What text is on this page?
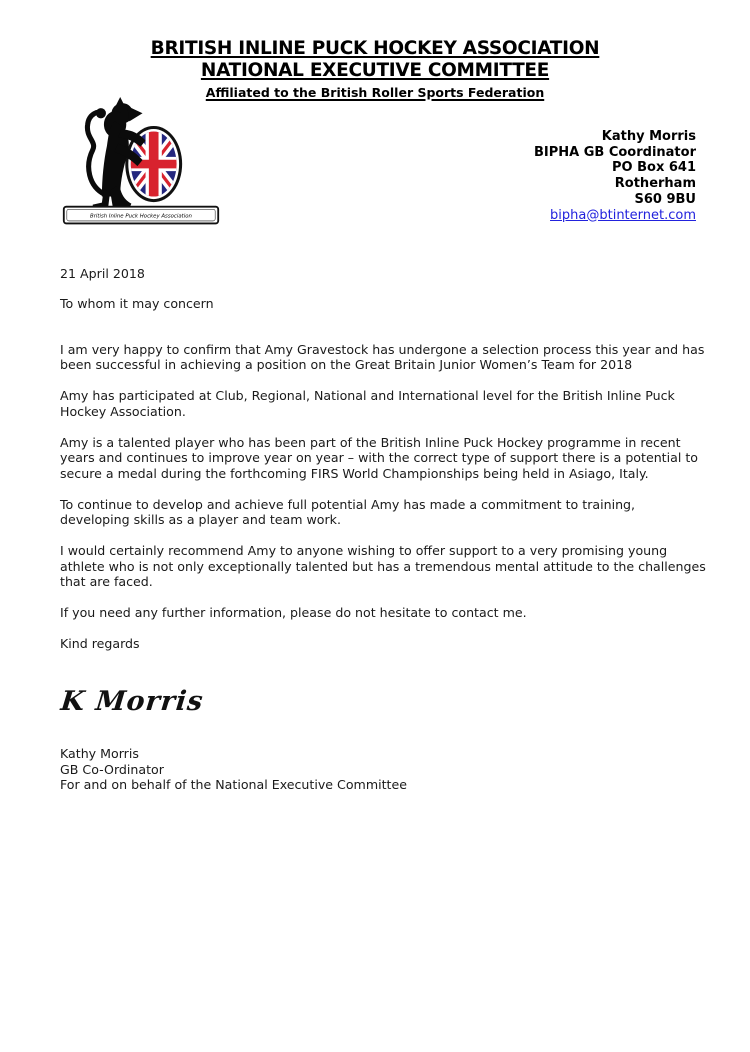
BRITISH INLINE PUCK HOCKEY ASSOCIATION
NATIONAL EXECUTIVE COMMITTEE
Affiliated to the British Roller Sports Federation
British Inline Puck Hockey Association
Kathy Morris
BIPHA GB Coordinator
PO Box 641
Rotherham
S60 9BU
bipha@btinternet.com

21 April 2018

To whom it may concern

I am very happy to confirm that Amy Gravestock has undergone a selection process this year and has been successful in achieving a position on the Great Britain Junior Women’s Team for 2018

Amy has participated at Club, Regional, National and International level for the British Inline Puck Hockey Association.

Amy is a talented player who has been part of the British Inline Puck Hockey programme in recent years and continues to improve year on year – with the correct type of support there is a potential to secure a medal during the forthcoming FIRS World Championships being held in Asiago, Italy.

To continue to develop and achieve full potential Amy has made a commitment to training, developing skills as a player and team work.

I would certainly recommend Amy to anyone wishing to offer support to a very promising young athlete who is not only exceptionally talented but has a tremendous mental attitude to the challenges that are faced.

If you need any further information, please do not hesitate to contact me.

Kind regards

K Morris
Kathy Morris
GB Co-Ordinator
For and on behalf of the National Executive Committee
